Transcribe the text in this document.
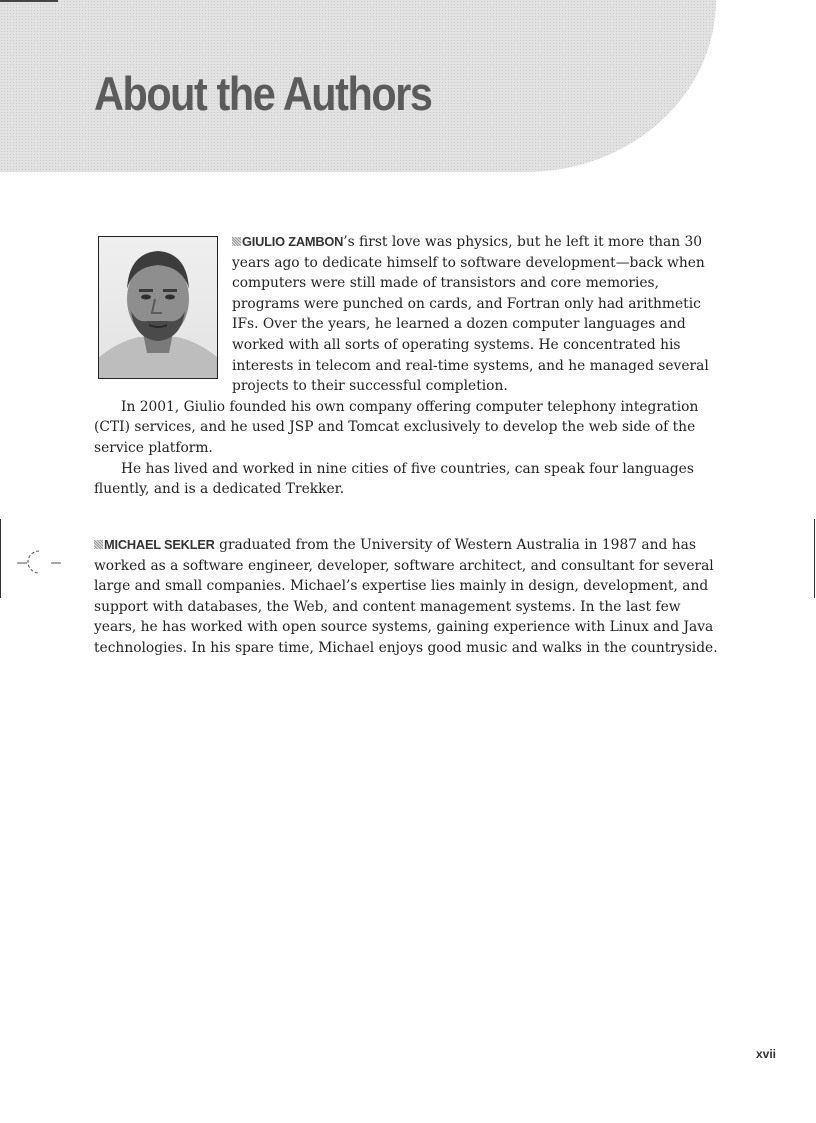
About the Authors

GIULIO ZAMBON’s first love was physics, but he left it more than 30 years ago to dedicate himself to software development—back when computers were still made of transistors and core memories, programs were punched on cards, and Fortran only had arithmetic IFs. Over the years, he learned a dozen computer languages and worked with all sorts of operating systems. He concentrated his interests in telecom and real-time systems, and he managed several projects to their successful completion.

In 2001, Giulio founded his own company offering computer telephony integration (CTI) services, and he used JSP and Tomcat exclusively to develop the web side of the service platform.

He has lived and worked in nine cities of five countries, can speak four languages fluently, and is a dedicated Trekker.

MICHAEL SEKLER graduated from the University of Western Australia in 1987 and has worked as a software engineer, developer, software architect, and consultant for several large and small companies. Michael’s expertise lies mainly in design, development, and support with databases, the Web, and content management systems. In the last few years, he has worked with open source systems, gaining experience with Linux and Java technologies. In his spare time, Michael enjoys good music and walks in the countryside.

xvii
